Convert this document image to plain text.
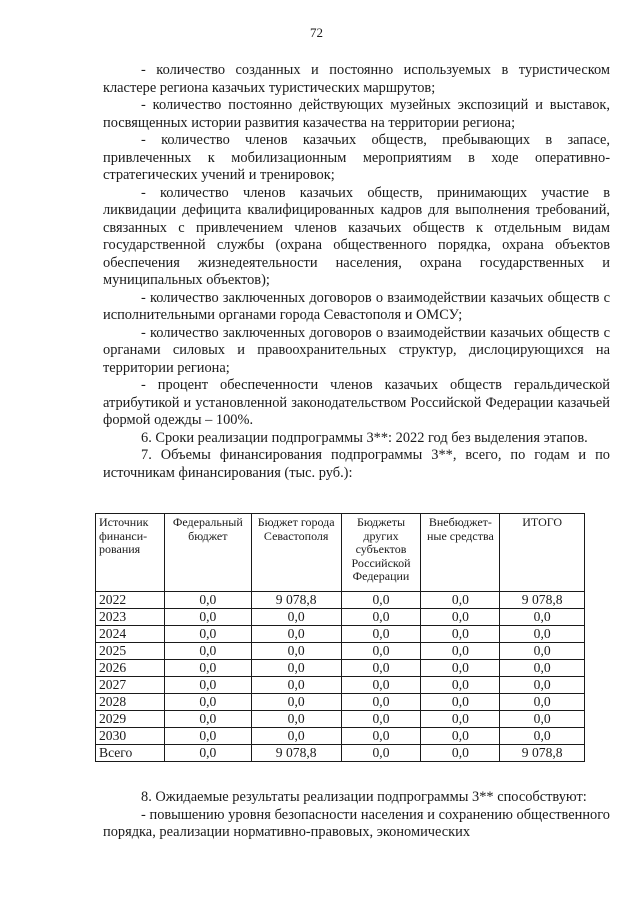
72

- количество созданных и постоянно используемых в туристическом кластере региона казачьих туристических маршрутов;

- количество постоянно действующих музейных экспозиций и выставок, посвященных истории развития казачества на территории региона;

- количество членов казачьих обществ, пребывающих в запасе, привлеченных к мобилизационным мероприятиям в ходе оперативно-стратегических учений и тренировок;

- количество членов казачьих обществ, принимающих участие в ликвидации дефицита квалифицированных кадров для выполнения требований, связанных с привлечением членов казачьих обществ к отдельным видам государственной службы (охрана общественного порядка, охрана объектов обеспечения жизнедеятельности населения, охрана государственных и муниципальных объектов);

- количество заключенных договоров о взаимодействии казачьих обществ с исполнительными органами города Севастополя и ОМСУ;

- количество заключенных договоров о взаимодействии казачьих обществ с органами силовых и правоохранительных структур, дислоцирующихся на территории региона;

- процент обеспеченности членов казачьих обществ геральдической атрибутикой и установленной законодательством Российской Федерации казачьей формой одежды – 100%.

6. Сроки реализации подпрограммы 3**: 2022 год без выделения этапов.

7. Объемы финансирования подпрограммы 3**, всего, по годам и по источникам финансирования (тыс. руб.):

Источник финанси-рования	Федеральный бюджет	Бюджет города Севастополя	Бюджеты других субъектов Российской Федерации	Внебюджет-ные средства	ИТОГО
2022	0,0	9 078,8	0,0	0,0	9 078,8
2023	0,0	0,0	0,0	0,0	0,0
2024	0,0	0,0	0,0	0,0	0,0
2025	0,0	0,0	0,0	0,0	0,0
2026	0,0	0,0	0,0	0,0	0,0
2027	0,0	0,0	0,0	0,0	0,0
2028	0,0	0,0	0,0	0,0	0,0
2029	0,0	0,0	0,0	0,0	0,0
2030	0,0	0,0	0,0	0,0	0,0
Всего	0,0	9 078,8	0,0	0,0	9 078,8

8. Ожидаемые результаты реализации подпрограммы 3** способствуют:

- повышению уровня безопасности населения и сохранению общественного порядка, реализации нормативно-правовых, экономических
